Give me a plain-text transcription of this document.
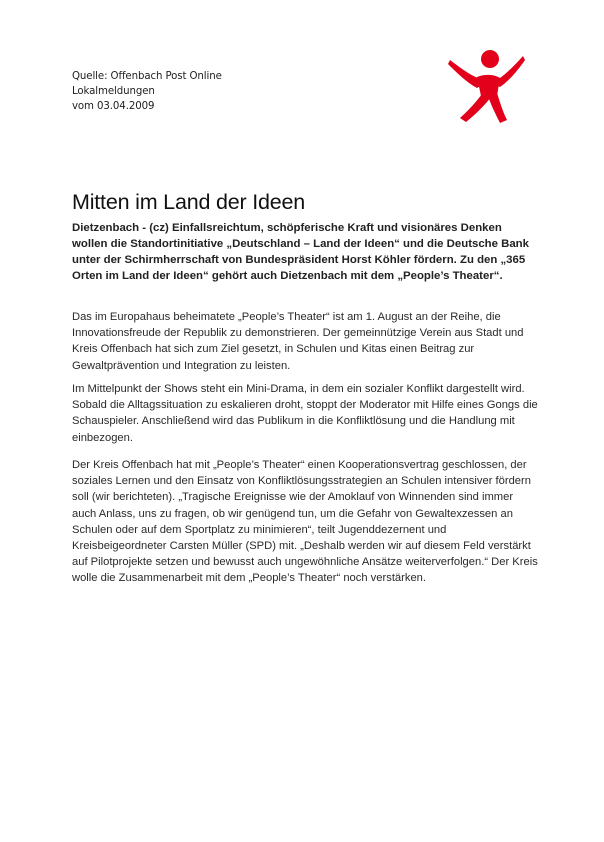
Quelle: Offenbach Post Online
Lokalmeldungen
vom 03.04.2009
Mitten im Land der Ideen

Dietzenbach - (cz) Einfallsreichtum, schöpferische Kraft und visionäres Denken wollen die Standortinitiative „Deutschland – Land der Ideen“ und die Deutsche Bank unter der Schirmherrschaft von Bundespräsident Horst Köhler fördern. Zu den „365 Orten im Land der Ideen“ gehört auch Dietzenbach mit dem „People’s Theater“.

Das im Europahaus beheimatete „People’s Theater“ ist am 1. August an der Reihe, die Innovationsfreude der Republik zu demonstrieren. Der gemeinnützige Verein aus Stadt und Kreis Offenbach hat sich zum Ziel gesetzt, in Schulen und Kitas einen Beitrag zur Gewaltprävention und Integration zu leisten.

Im Mittelpunkt der Shows steht ein Mini-Drama, in dem ein sozialer Konflikt dargestellt wird. Sobald die Alltagssituation zu eskalieren droht, stoppt der Moderator mit Hilfe eines Gongs die Schauspieler. Anschließend wird das Publikum in die Konfliktlösung und die Handlung mit einbezogen.

Der Kreis Offenbach hat mit „People’s Theater“ einen Kooperationsvertrag geschlossen, der soziales Lernen und den Einsatz von Konfliktlösungsstrategien an Schulen intensiver fördern soll (wir berichteten). „Tragische Ereignisse wie der Amoklauf von Winnenden sind immer auch Anlass, uns zu fragen, ob wir genügend tun, um die Gefahr von Gewaltexzessen an Schulen oder auf dem Sportplatz zu minimieren“, teilt Jugenddezernent und Kreisbeigeordneter Carsten Müller (SPD) mit. „Deshalb werden wir auf diesem Feld verstärkt auf Pilotprojekte setzen und bewusst auch ungewöhnliche Ansätze weiterverfolgen.“ Der Kreis wolle die Zusammenarbeit mit dem „People’s Theater“ noch verstärken.
